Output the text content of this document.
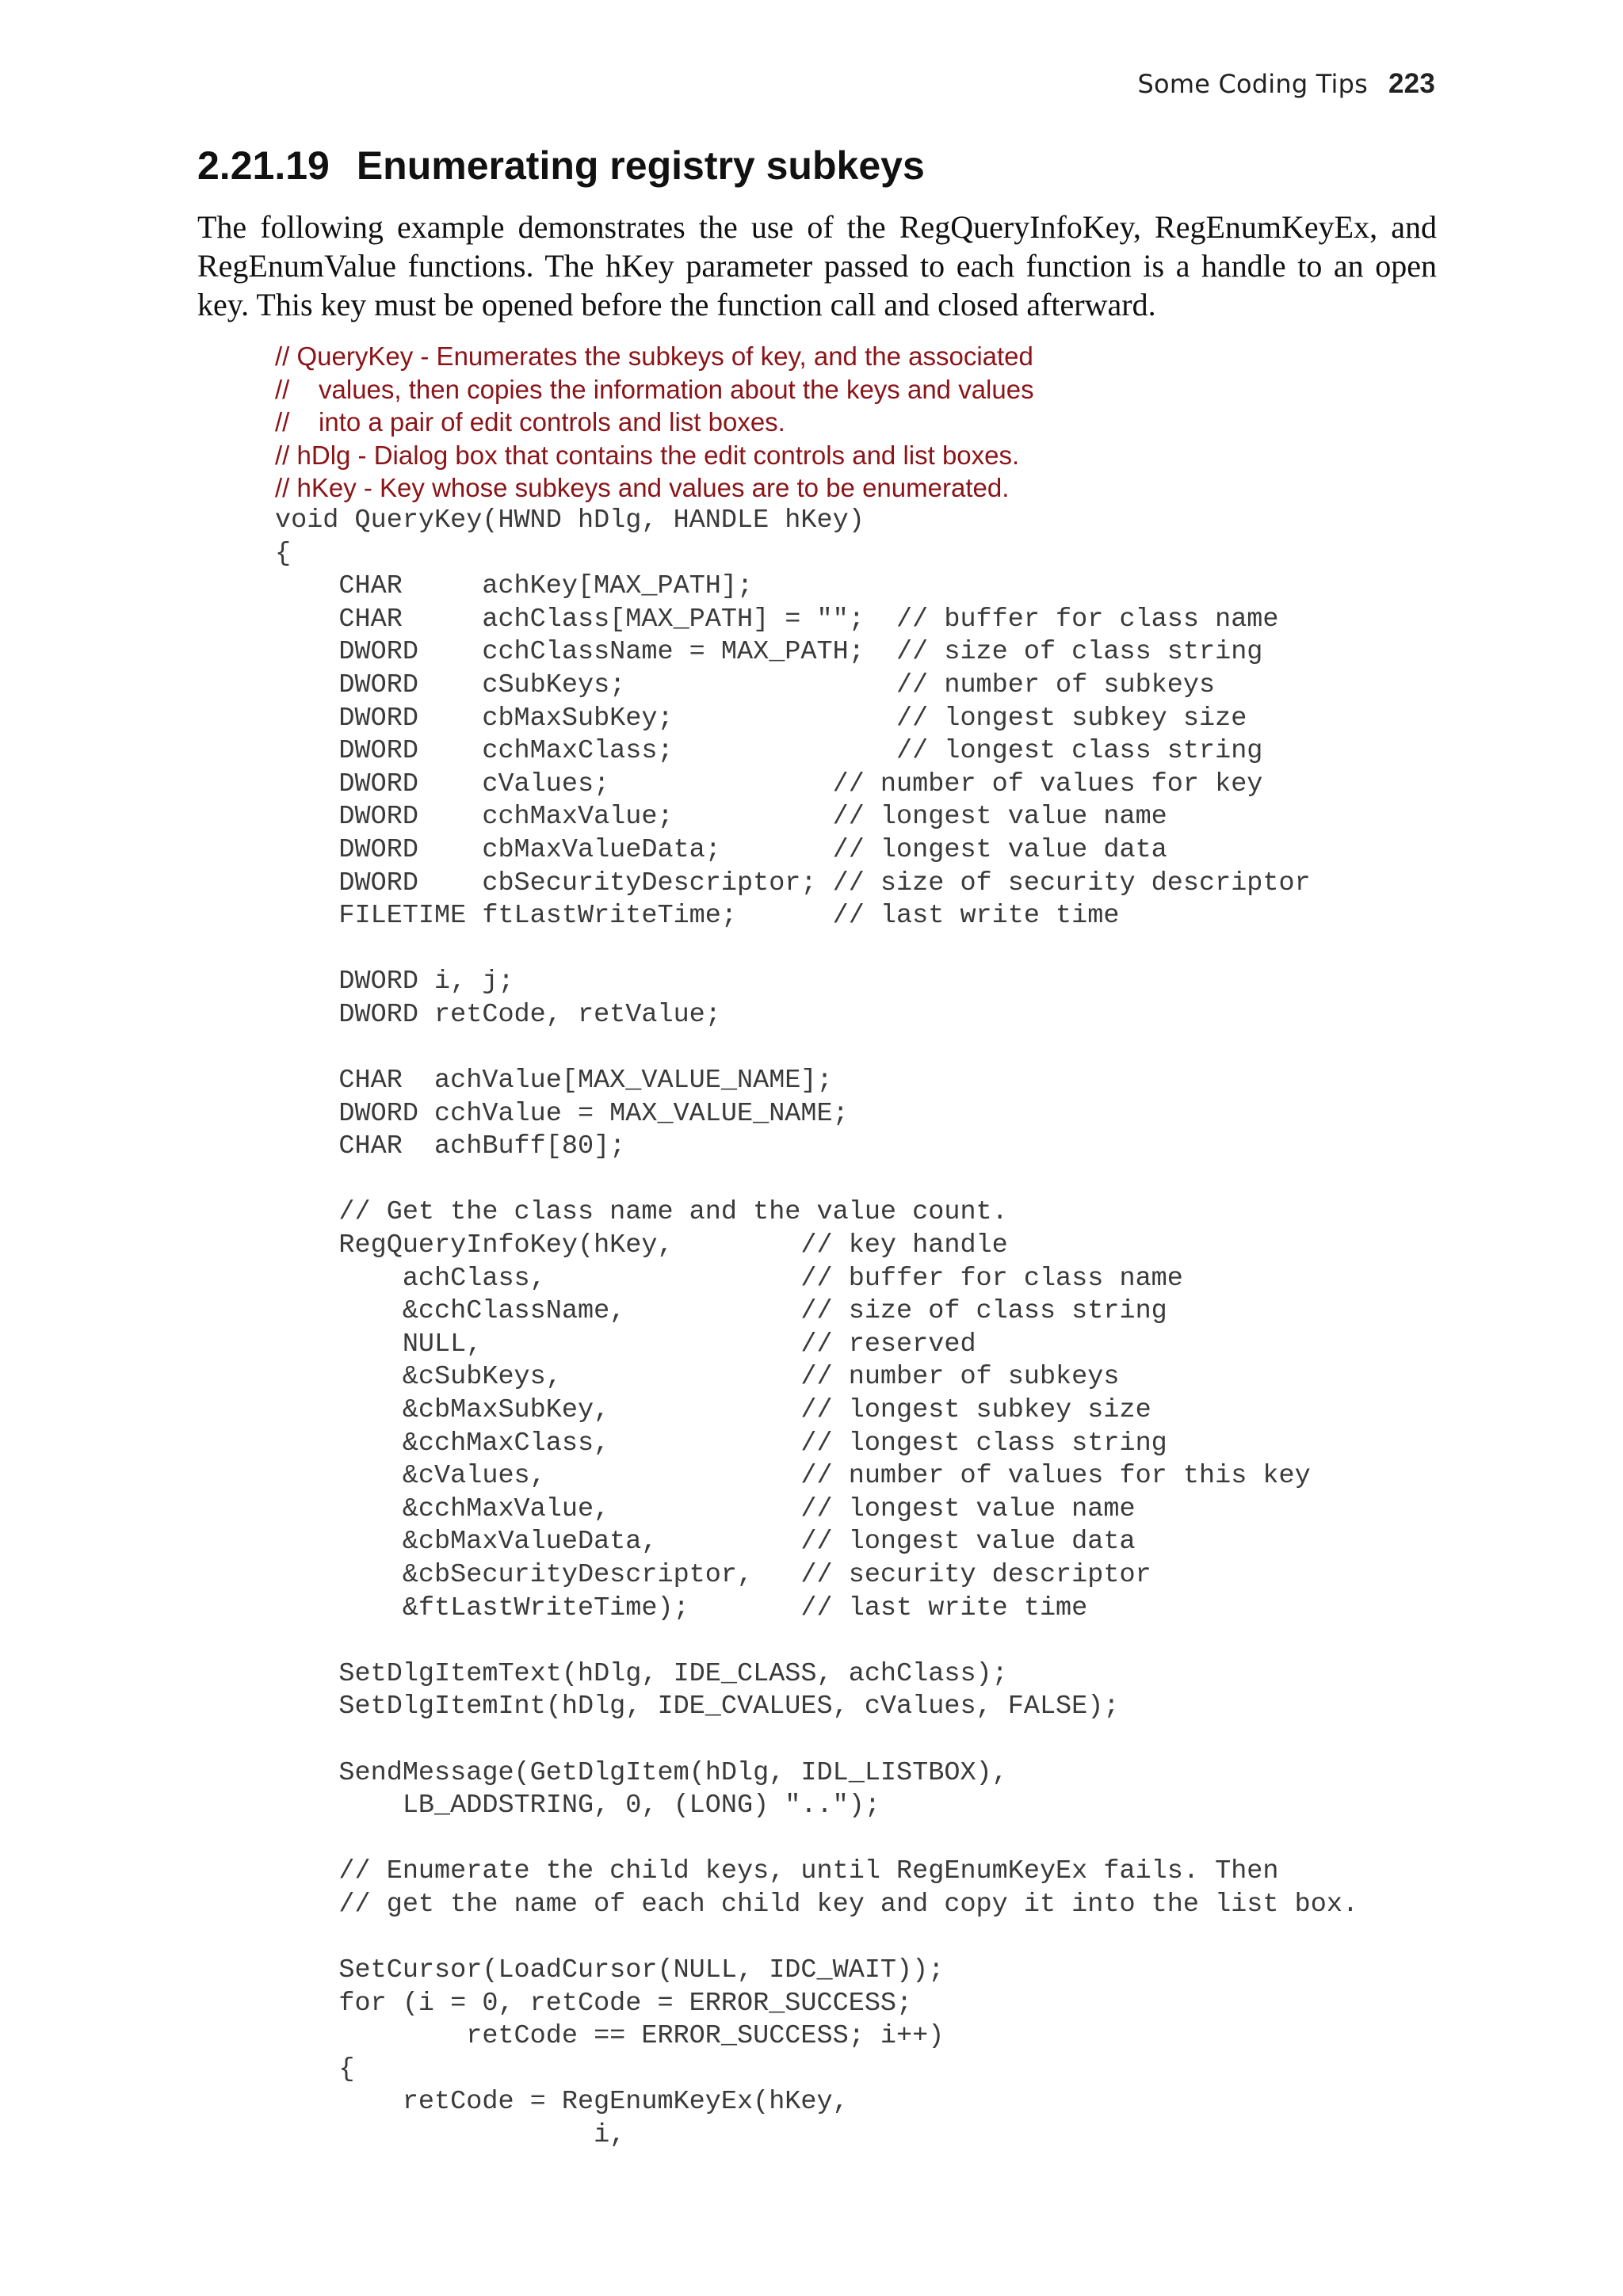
Some Coding Tips 223
2.21.19 Enumerating registry subkeys

The following example demonstrates the use of the RegQueryInfoKey, RegEnumKeyEx, and RegEnumValue functions. The hKey parameter passed to each function is a handle to an open key. This key must be opened before the function call and closed afterward.

// QueryKey - Enumerates the subkeys of key, and the associated
//    values, then copies the information about the keys and values
//    into a pair of edit controls and list boxes.
// hDlg - Dialog box that contains the edit controls and list boxes.
// hKey - Key whose subkeys and values are to be enumerated.
void QueryKey(HWND hDlg, HANDLE hKey)
{
CHAR     achKey[MAX_PATH];
CHAR     achClass[MAX_PATH] = "";  // buffer for class name
DWORD    cchClassName = MAX_PATH;  // size of class string
DWORD    cSubKeys;                 // number of subkeys
DWORD    cbMaxSubKey;              // longest subkey size
DWORD    cchMaxClass;              // longest class string
DWORD    cValues;              // number of values for key
DWORD    cchMaxValue;          // longest value name
DWORD    cbMaxValueData;       // longest value data
DWORD    cbSecurityDescriptor; // size of security descriptor
FILETIME ftLastWriteTime;      // last write time
DWORD i, j;
DWORD retCode, retValue;
CHAR  achValue[MAX_VALUE_NAME];
DWORD cchValue = MAX_VALUE_NAME;
CHAR  achBuff[80];
// Get the class name and the value count.
RegQueryInfoKey(hKey,        // key handle
achClass,                // buffer for class name
&cchClassName,           // size of class string
NULL,                    // reserved
&cSubKeys,               // number of subkeys
&cbMaxSubKey,            // longest subkey size
&cchMaxClass,            // longest class string
&cValues,                // number of values for this key
&cchMaxValue,            // longest value name
&cbMaxValueData,         // longest value data
&cbSecurityDescriptor,   // security descriptor
&ftLastWriteTime);       // last write time
SetDlgItemText(hDlg, IDE_CLASS, achClass);
SetDlgItemInt(hDlg, IDE_CVALUES, cValues, FALSE);
SendMessage(GetDlgItem(hDlg, IDL_LISTBOX),
LB_ADDSTRING, 0, (LONG) "..");
// Enumerate the child keys, until RegEnumKeyEx fails. Then
// get the name of each child key and copy it into the list box.
SetCursor(LoadCursor(NULL, IDC_WAIT));
for (i = 0, retCode = ERROR_SUCCESS;
retCode == ERROR_SUCCESS; i++)
{
retCode = RegEnumKeyEx(hKey,
i,
